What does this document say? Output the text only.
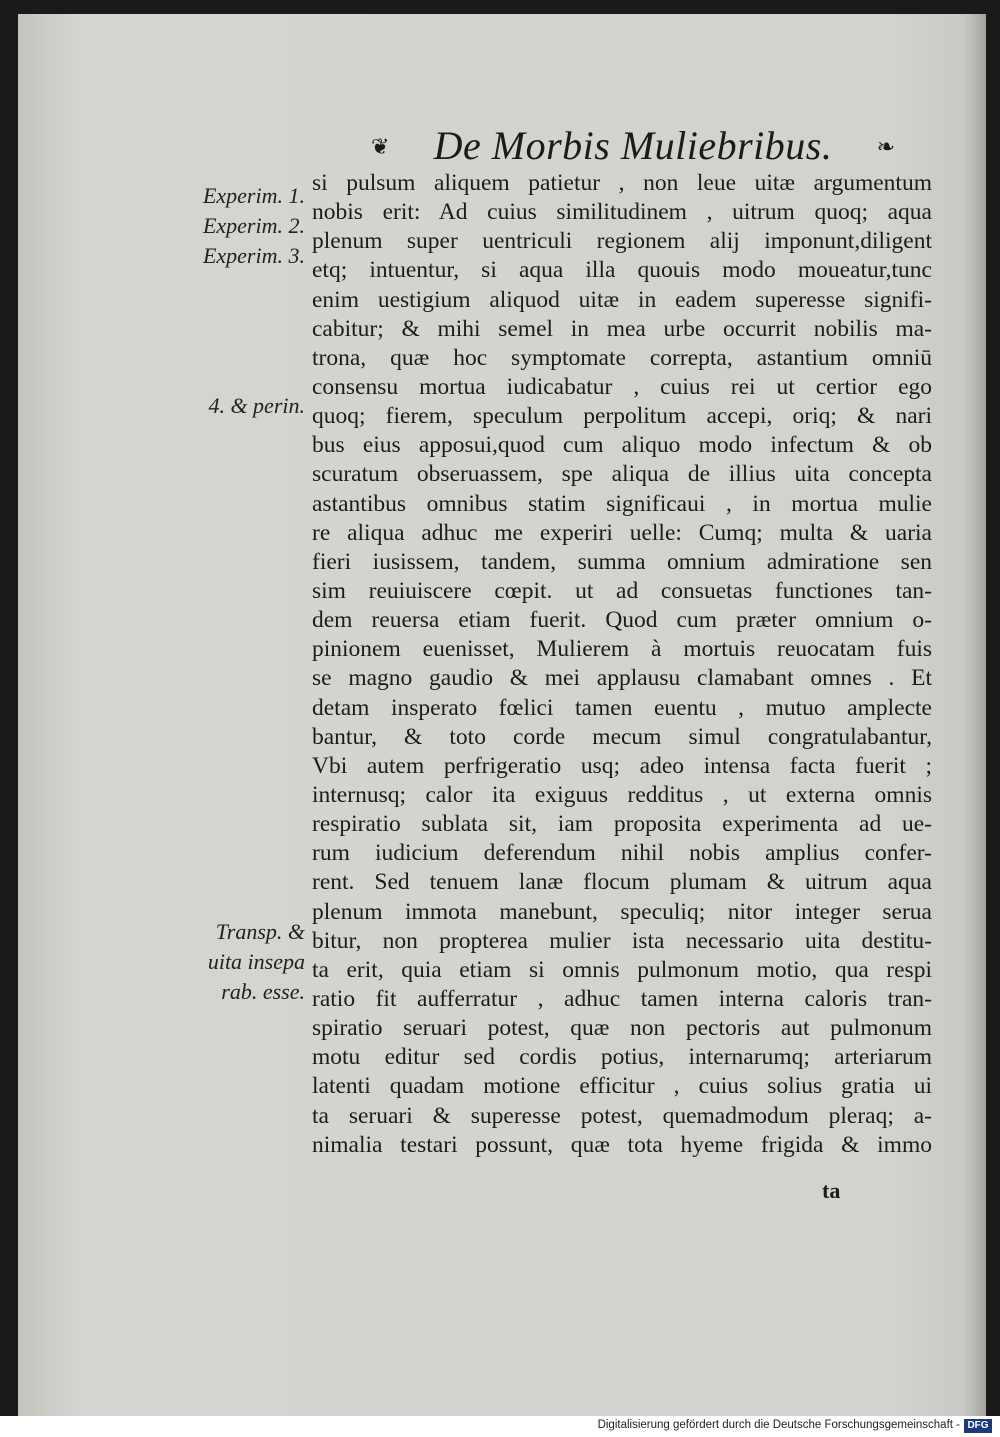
❦ De Morbis Muliebribus.	❧
Experim. 1.
Experim. 2.
Experim. 3.
4. & perin.
Transp. &
uita insepa
rab. esse.
si pulsum aliquem patietur , non leue uitæ argumentum
nobis erit: Ad cuius similitudinem , uitrum quoq; aqua
plenum super uentriculi regionem alij imponunt,diligent
etq; intuentur, si aqua illa quouis modo moueatur,tunc
enim uestigium aliquod uitæ in eadem superesse signifi-
cabitur; & mihi semel in mea urbe occurrit nobilis ma-
trona, quæ hoc symptomate correpta, astantium omniū
consensu mortua iudicabatur , cuius rei ut certior ego
quoq; fierem, speculum perpolitum accepi, oriq; & nari
bus eius apposui,quod cum aliquo modo infectum & ob
scuratum obseruassem, spe aliqua de illius uita concepta
astantibus omnibus statim significaui , in mortua mulie
re aliqua adhuc me experiri uelle: Cumq; multa & uaria
fieri iusissem, tandem, summa omnium admiratione sen
sim reuiuiscere cœpit. ut ad consuetas functiones tan-
dem reuersa etiam fuerit. Quod cum præter omnium o-
pinionem euenisset, Mulierem à mortuis reuocatam fuis
se magno gaudio & mei applausu clamabant omnes . Et
detam insperato fœlici tamen euentu , mutuo amplecte
bantur, & toto corde mecum simul congratulabantur,
Vbi autem perfrigeratio usq; adeo intensa facta fuerit ;
internusq; calor ita exiguus redditus , ut externa omnis
respiratio sublata sit, iam proposita experimenta ad ue-
rum iudicium deferendum nihil nobis amplius confer-
rent. Sed tenuem lanæ flocum plumam & uitrum aqua
plenum immota manebunt, speculiq; nitor integer serua
bitur, non propterea mulier ista necessario uita destitu-
ta erit, quia etiam si omnis pulmonum motio, qua respi
ratio fit aufferratur , adhuc tamen interna caloris tran-
spiratio seruari potest, quæ non pectoris aut pulmonum
motu editur sed cordis potius, internarumq; arteriarum
latenti quadam motione efficitur , cuius solius gratia ui
ta seruari & superesse potest, quemadmodum pleraq; a-
nimalia testari possunt, quæ tota hyeme frigida & immo
ta
Digitalisierung gefördert durch die Deutsche Forschungsgemeinschaft - DFG
